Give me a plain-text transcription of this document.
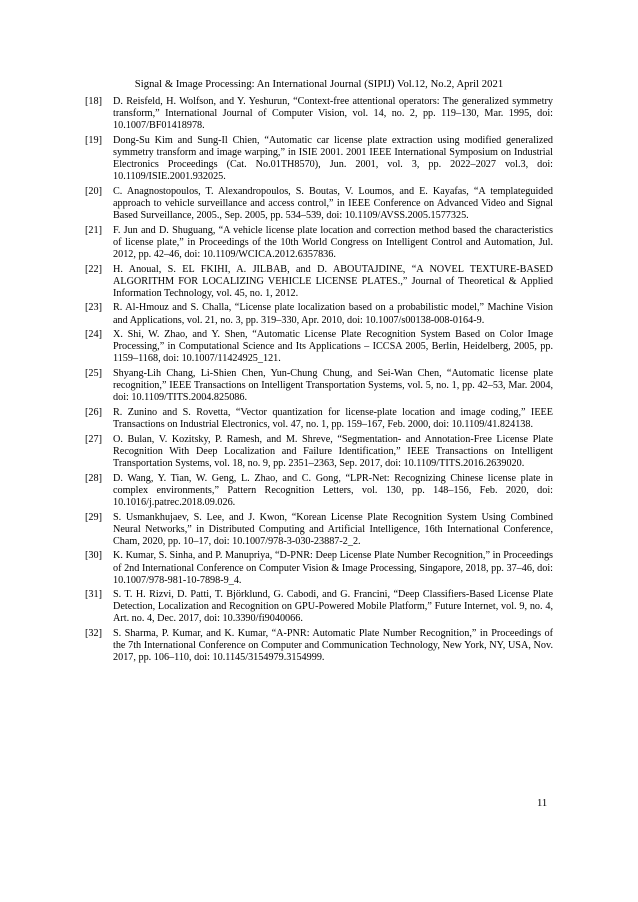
Signal & Image Processing: An International Journal (SIPIJ) Vol.12, No.2, April 2021
[18] D. Reisfeld, H. Wolfson, and Y. Yeshurun, “Context-free attentional operators: The generalized symmetry transform,” International Journal of Computer Vision, vol. 14, no. 2, pp. 119–130, Mar. 1995, doi: 10.1007/BF01418978.
[19] Dong-Su Kim and Sung-Il Chien, “Automatic car license plate extraction using modified generalized symmetry transform and image warping,” in ISIE 2001. 2001 IEEE International Symposium on Industrial Electronics Proceedings (Cat. No.01TH8570), Jun. 2001, vol. 3, pp. 2022–2027 vol.3, doi: 10.1109/ISIE.2001.932025.
[20] C. Anagnostopoulos, T. Alexandropoulos, S. Boutas, V. Loumos, and E. Kayafas, “A templateguided approach to vehicle surveillance and access control,” in IEEE Conference on Advanced Video and Signal Based Surveillance, 2005., Sep. 2005, pp. 534–539, doi: 10.1109/AVSS.2005.1577325.
[21] F. Jun and D. Shuguang, “A vehicle license plate location and correction method based the characteristics of license plate,” in Proceedings of the 10th World Congress on Intelligent Control and Automation, Jul. 2012, pp. 42–46, doi: 10.1109/WCICA.2012.6357836.
[22] H. Anoual, S. EL FKIHI, A. JILBAB, and D. ABOUTAJDINE, “A NOVEL TEXTURE-BASED ALGORITHM FOR LOCALIZING VEHICLE LICENSE PLATES.,” Journal of Theoretical & Applied Information Technology, vol. 45, no. 1, 2012.
[23] R. Al-Hmouz and S. Challa, “License plate localization based on a probabilistic model,” Machine Vision and Applications, vol. 21, no. 3, pp. 319–330, Apr. 2010, doi: 10.1007/s00138-008-0164-9.
[24] X. Shi, W. Zhao, and Y. Shen, “Automatic License Plate Recognition System Based on Color Image Processing,” in Computational Science and Its Applications – ICCSA 2005, Berlin, Heidelberg, 2005, pp. 1159–1168, doi: 10.1007/11424925_121.
[25] Shyang-Lih Chang, Li-Shien Chen, Yun-Chung Chung, and Sei-Wan Chen, “Automatic license plate recognition,” IEEE Transactions on Intelligent Transportation Systems, vol. 5, no. 1, pp. 42–53, Mar. 2004, doi: 10.1109/TITS.2004.825086.
[26] R. Zunino and S. Rovetta, “Vector quantization for license-plate location and image coding,” IEEE Transactions on Industrial Electronics, vol. 47, no. 1, pp. 159–167, Feb. 2000, doi: 10.1109/41.824138.
[27] O. Bulan, V. Kozitsky, P. Ramesh, and M. Shreve, “Segmentation- and Annotation-Free License Plate Recognition With Deep Localization and Failure Identification,” IEEE Transactions on Intelligent Transportation Systems, vol. 18, no. 9, pp. 2351–2363, Sep. 2017, doi: 10.1109/TITS.2016.2639020.
[28] D. Wang, Y. Tian, W. Geng, L. Zhao, and C. Gong, “LPR-Net: Recognizing Chinese license plate in complex environments,” Pattern Recognition Letters, vol. 130, pp. 148–156, Feb. 2020, doi: 10.1016/j.patrec.2018.09.026.
[29] S. Usmankhujaev, S. Lee, and J. Kwon, “Korean License Plate Recognition System Using Combined Neural Networks,” in Distributed Computing and Artificial Intelligence, 16th International Conference, Cham, 2020, pp. 10–17, doi: 10.1007/978-3-030-23887-2_2.
[30] K. Kumar, S. Sinha, and P. Manupriya, “D-PNR: Deep License Plate Number Recognition,” in Proceedings of 2nd International Conference on Computer Vision & Image Processing, Singapore, 2018, pp. 37–46, doi: 10.1007/978-981-10-7898-9_4.
[31] S. T. H. Rizvi, D. Patti, T. Björklund, G. Cabodi, and G. Francini, “Deep Classifiers-Based License Plate Detection, Localization and Recognition on GPU-Powered Mobile Platform,” Future Internet, vol. 9, no. 4, Art. no. 4, Dec. 2017, doi: 10.3390/fi9040066.
[32] S. Sharma, P. Kumar, and K. Kumar, “A-PNR: Automatic Plate Number Recognition,” in Proceedings of the 7th International Conference on Computer and Communication Technology, New York, NY, USA, Nov. 2017, pp. 106–110, doi: 10.1145/3154979.3154999.
11
